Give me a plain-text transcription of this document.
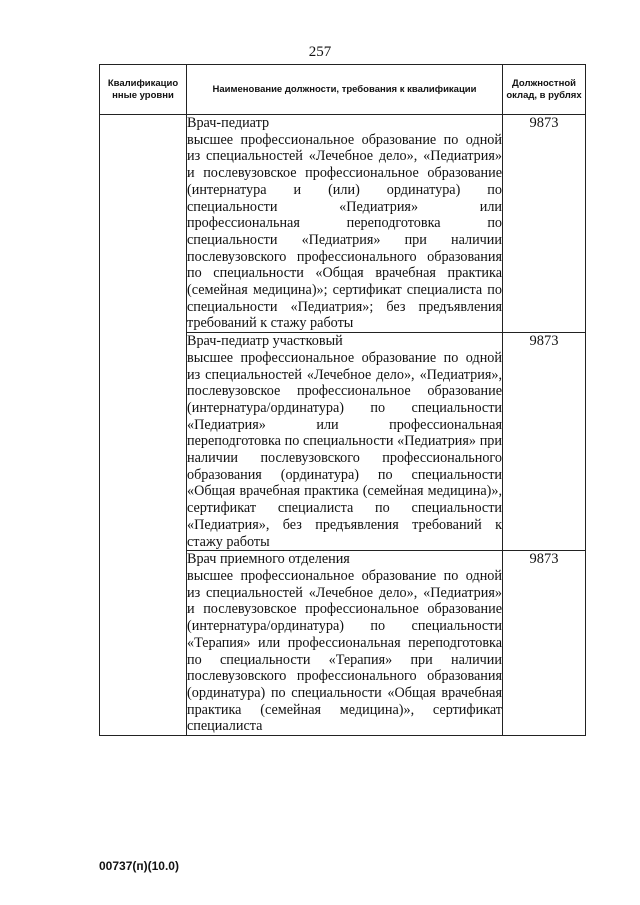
257
Квалификацио нные уровни	Наименование должности, требования к квалификации	Должностной оклад, в рублях

	Врач-педиатр
высшее профессиональное образование по одной из специальностей «Лечебное дело», «Педиатрия» и послевузовское профессиональное образование (интернатура и (или) ординатура) по специальности «Педиатрия» или профессиональная переподготовка по специальности «Педиатрия» при наличии послевузовского профессионального образования по специальности «Общая врачебная практика (семейная медицина)»; сертификат специалиста по специальности «Педиатрия»; без предъявления требований к стажу работы	9873

	Врач-педиатр участковый
высшее профессиональное образование по одной из специальностей «Лечебное дело», «Педиатрия», послевузовское профессиональное образование (интернатура/ординатура) по специальности «Педиатрия» или профессиональная переподготовка по специальности «Педиатрия» при наличии послевузовского профессионального образования (ординатура) по специальности «Общая врачебная практика (семейная медицина)», сертификат специалиста по специальности «Педиатрия», без предъявления требований к стажу работы	9873

	Врач приемного отделения
высшее профессиональное образование по одной из специальностей «Лечебное дело», «Педиатрия» и послевузовское профессиональное образование (интернатура/ординатура) по специальности «Терапия» или профессиональная переподготовка по специальности «Терапия» при наличии послевузовского профессионального образования (ординатура) по специальности «Общая врачебная практика (семейная медицина)», сертификат специалиста	9873
00737(п)(10.0)
